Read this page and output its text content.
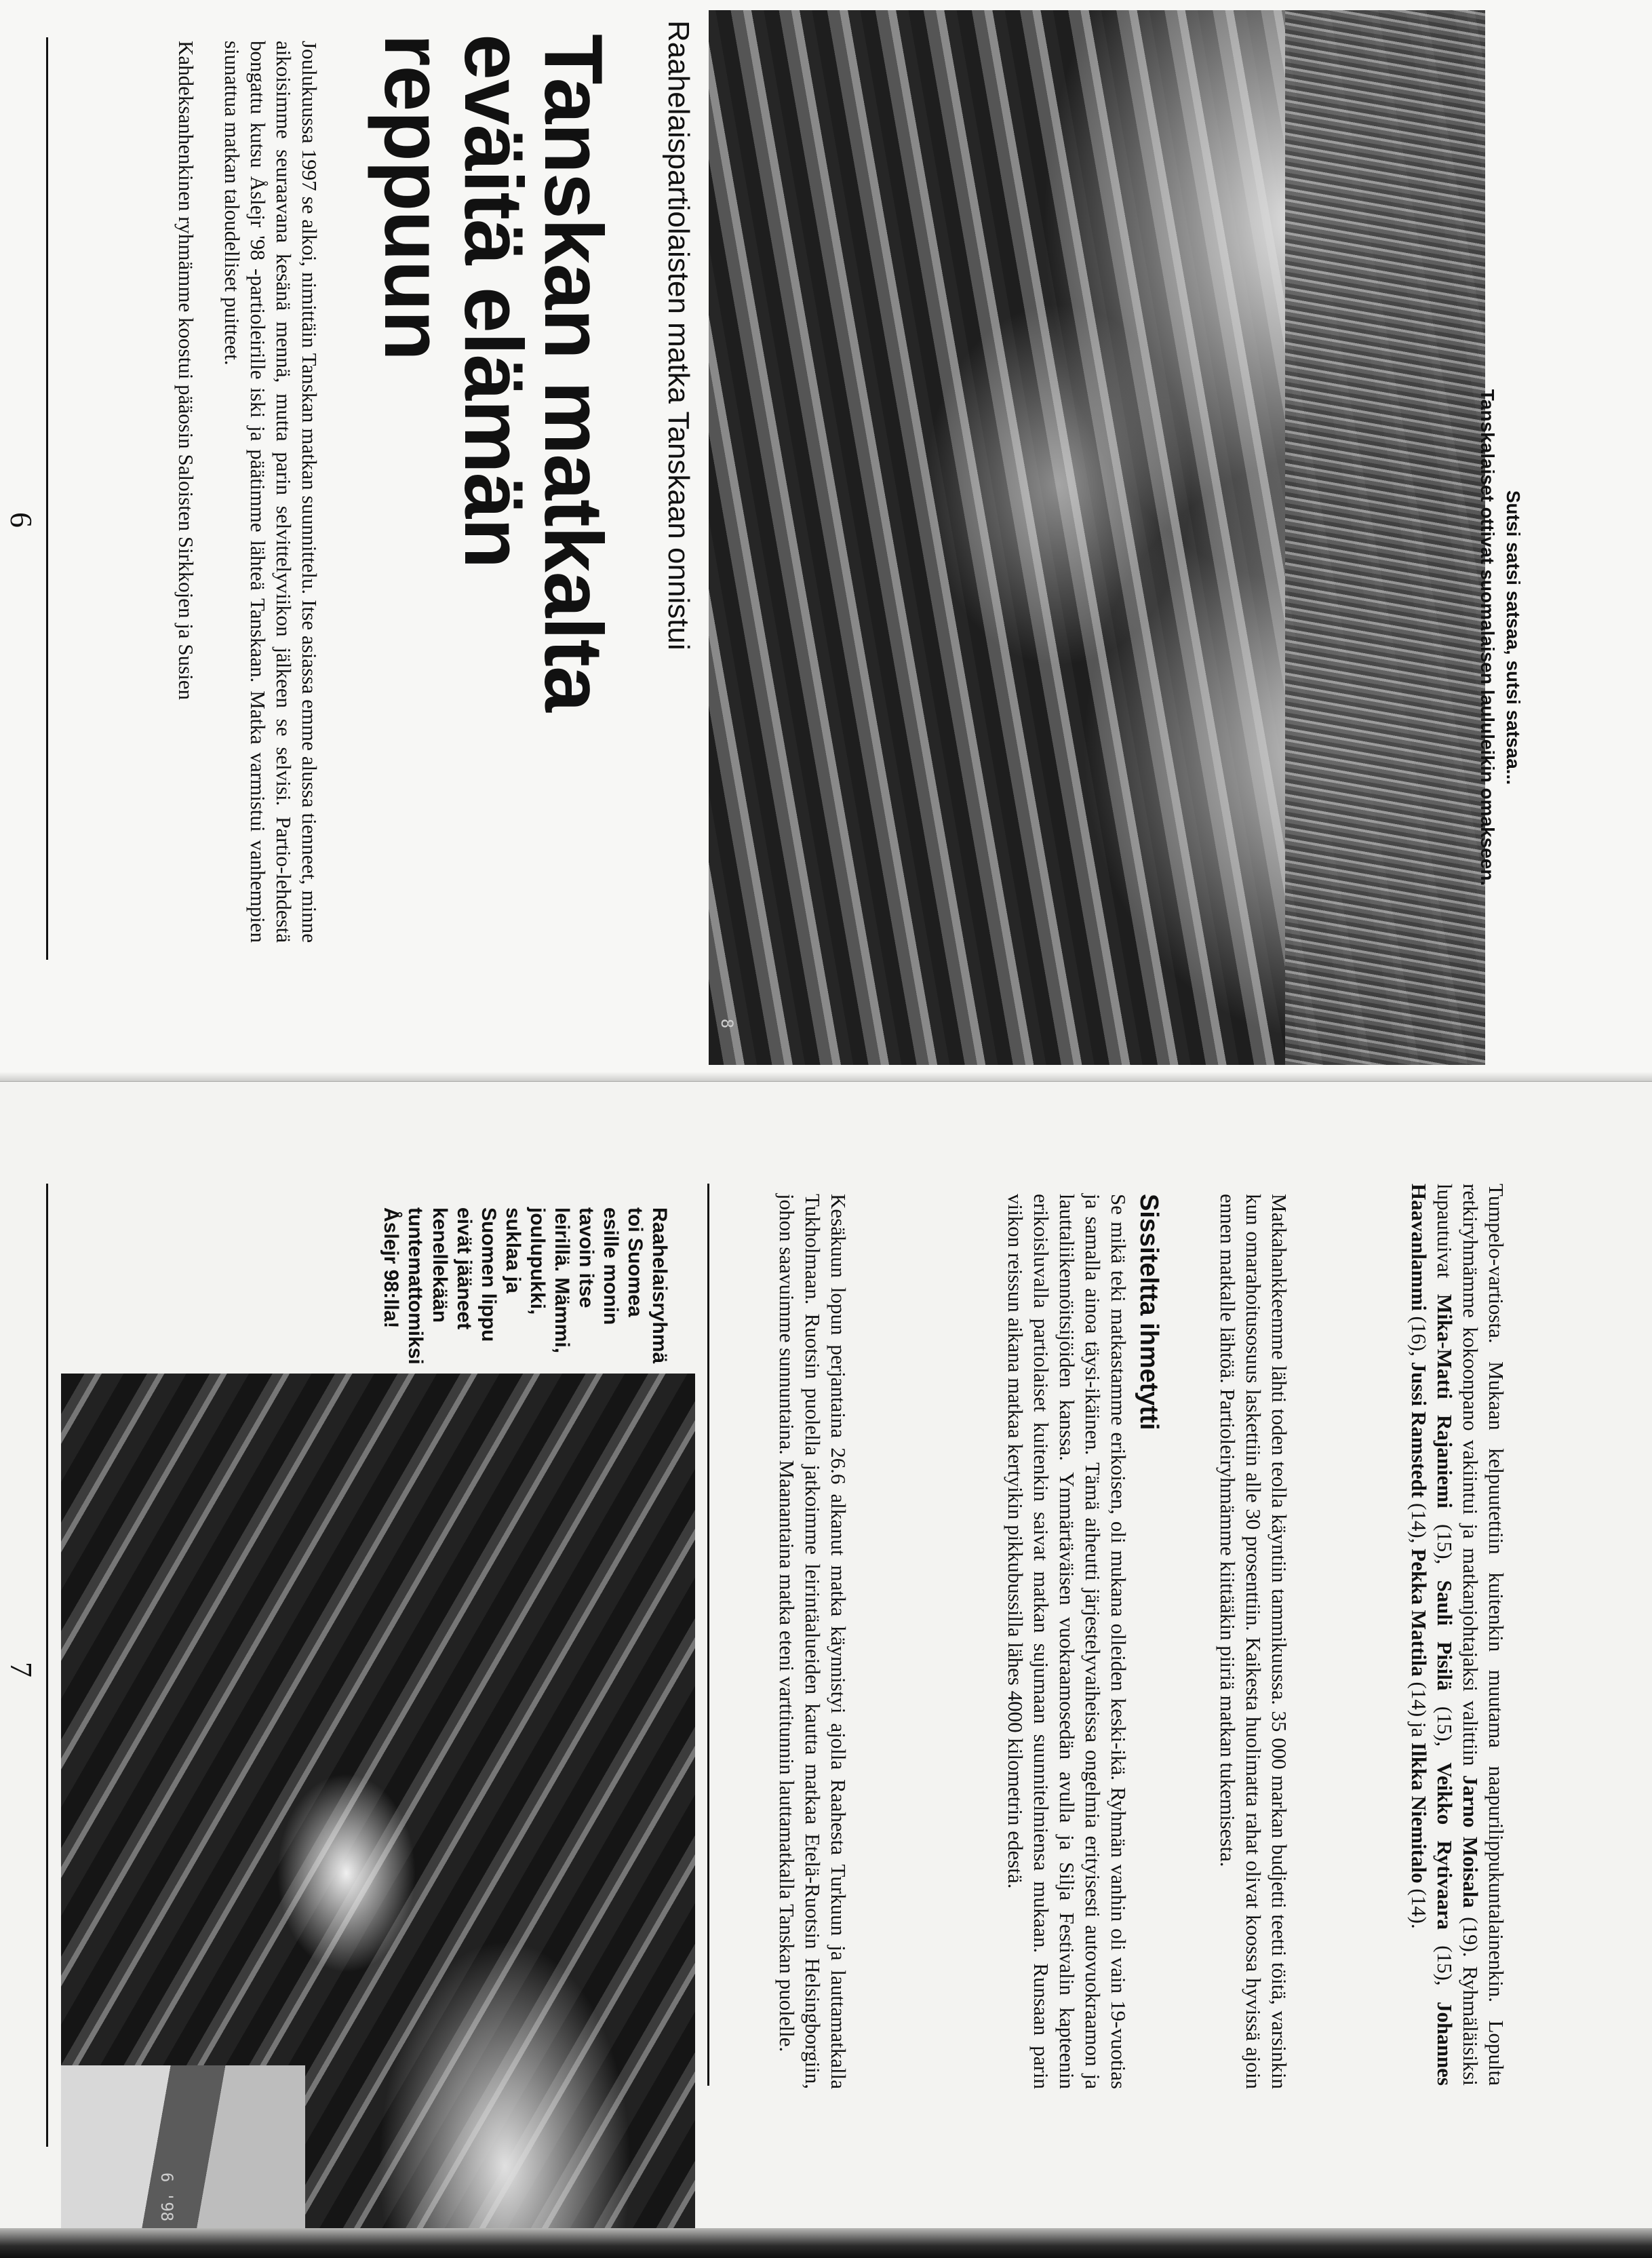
8

Sutsi satsi satsaa, sutsi satsaa...

Tanskalaiset ottivat suomalaisen laululeikin omakseen.

Raahelaispartiolaisten matka Tanskaan onnistui

Tanskan matkalta
eväitä elämän
reppuun

Joulukuussa 1997 se alkoi, nimittäin Tanskan matkan suunnittelu. Itse asiassa emme alussa tienneet, minne aikoisimme seuraavana kesänä mennä, mutta parin selvittelyviikon jälkeen se selvisi. Partio-lehdestä bongattu kutsu Åslejr '98 -partioleirille iski ja päätimme lähteä Tanskaan. Matka varmistui vanhempien siunattua matkan taloudelliset puitteet.

Kahdeksanhenkinen ryhmämme koostui pääosin Saloisten Sirkkojen ja Susien

6

Tumpelo-vartiosta. Mukaan kelpuutettiin kuitenkin muutama naapurilippukuntalainenkin. Lopulta retkiryhmämme kokoonpano vakiintui ja matkanjohtajaksi valittiin Jarno Moisala (19). Ryhmäläisiksi lupautuivat Mika-Matti Rajaniemi (15), Sauli Pisilä (15), Veikko Rytivaara (15), Johannes Haavanlammi (16), Jussi Ramstedt (14), Pekka Mattila (14) ja Ilkka Niemitalo (14).

Matkahankkeemme lähti toden teolla käyntiin tammikuussa. 35 000 markan budjetti teetti töitä, varsinkin kun omarahoitusosuus laskettiin alle 30 prosenttiin. Kaikesta huolimatta rahat olivat koossa hyvissä ajoin ennen matkalle lähtöä. Partioleiryhmämme kiittääkin piiriä matkan tukemisesta.

Sissiteltta ihmetytti

Se mikä teki matkastamme erikoisen, oli mukana olleiden keski-ikä. Ryhmän vanhin oli vain 19-vuotias ja samalla ainoa täysi-ikäinen. Tämä aiheutti järjestelyvaiheissa ongelmia erityisesti autovuokraamon ja lauttaliikennöitsijöiden kanssa. Ymmärtäväisen vuokraamosedän avulla ja Silja Festivalin kapteenin erikoisluvalla partiolaiset kuitenkin saivat matkan sujumaan suunnitelmiensa mukaan. Runsaan parin viikon reissun aikana matkaa kertyikin pikkubussilla lähes 4000 kilometrin edestä.

Kesäkuun lopun perjantaina 26.6 alkanut matka käynnistyi ajolla Raahesta Turkuun ja lauttamatkalla Tukholmaan. Ruotsin puolella jatkoimme leirintäalueiden kautta matkaa Etelä-Ruotsin Helsingborgiin, johon saavuimme sunnuntaina. Maanantaina matka eteni varttitunnin lauttamatkalla Tanskan puolelle.

Raahelaisryhmä toi Suomea esille monin tavoin itse leirillä. Mämmi, joulupukki, suklaa ja Suomen lippu eivät jääneet kenellekään tuntemattomiksi Åslejr 98:lla!

6 '98
7
